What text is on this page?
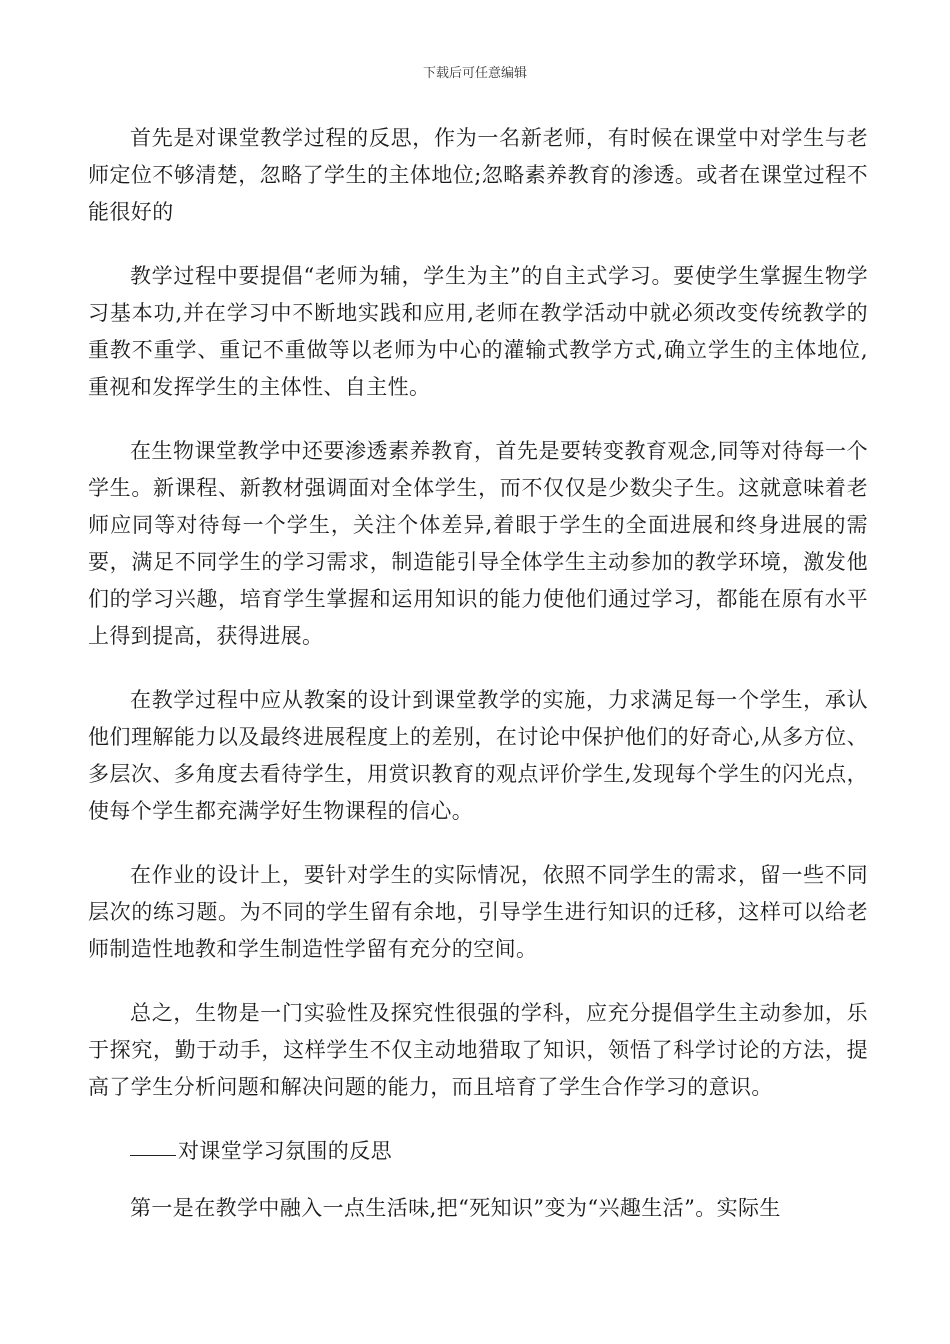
下载后可任意编辑

首先是对课堂教学过程的反思，作为一名新老师，有时候在课堂中对学生与老师定位不够清楚，忽略了学生的主体地位;忽略素养教育的渗透。或者在课堂过程不能很好的

教学过程中要提倡“老师为辅，学生为主”的自主式学习。要使学生掌握生物学习基本功,并在学习中不断地实践和应用,老师在教学活动中就必须改变传统教学的重教不重学、重记不重做等以老师为中心的灌输式教学方式,确立学生的主体地位,重视和发挥学生的主体性、自主性。

在生物课堂教学中还要渗透素养教育，首先是要转变教育观念,同等对待每一个学生。新课程、新教材强调面对全体学生，而不仅仅是少数尖子生。这就意味着老师应同等对待每一个学生，关注个体差异,着眼于学生的全面进展和终身进展的需要，满足不同学生的学习需求，制造能引导全体学生主动参加的教学环境，激发他们的学习兴趣，培育学生掌握和运用知识的能力使他们通过学习，都能在原有水平上得到提高，获得进展。

在教学过程中应从教案的设计到课堂教学的实施，力求满足每一个学生，承认他们理解能力以及最终进展程度上的差别，在讨论中保护他们的好奇心,从多方位、多层次、多角度去看待学生，用赏识教育的观点评价学生,发现每个学生的闪光点，使每个学生都充满学好生物课程的信心。

在作业的设计上，要针对学生的实际情况，依照不同学生的需求，留一些不同层次的练习题。为不同的学生留有余地，引导学生进行知识的迁移，这样可以给老师制造性地教和学生制造性学留有充分的空间。

总之，生物是一门实验性及探究性很强的学科，应充分提倡学生主动参加，乐于探究，勤于动手，这样学生不仅主动地猎取了知识，领悟了科学讨论的方法，提高了学生分析问题和解决问题的能力，而且培育了学生合作学习的意识。

对课堂学习氛围的反思

第一是在教学中融入一点生活味,把“死知识”变为“兴趣生活”。实际生
